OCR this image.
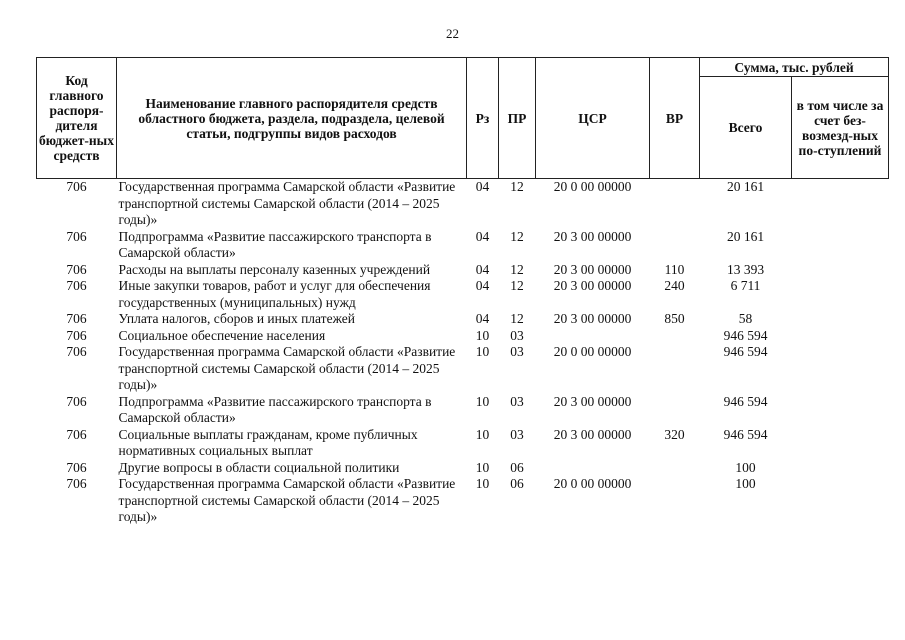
22
Код главного распоря-дителя бюджет-ных средств	Наименование главного распорядителя средств областного бюджета, раздела, подраздела, целевой статьи, подгруппы видов расходов	Рз	ПР	ЦСР	ВР	Сумма, тыс. рублей	
						Всего	в том числе за счет без-возмезд-ных по-ступлений
706	Государственная программа Самарской области «Развитие транспортной системы Самарской области (2014 – 2025 годы)»	04	12	20 0 00 00000		20 161	
706	Подпрограмма «Развитие пассажирского транспорта в Самарской области»	04	12	20 3 00 00000		20 161	
706	Расходы на выплаты персоналу казенных учреждений	04	12	20 3 00 00000	110	13 393	
706	Иные закупки товаров, работ и услуг для обеспечения государственных (муниципальных) нужд	04	12	20 3 00 00000	240	6 711	
706	Уплата налогов, сборов и иных платежей	04	12	20 3 00 00000	850	58	
706	Социальное обеспечение населения	10	03			946 594	
706	Государственная программа Самарской области «Развитие транспортной системы Самарской области (2014 – 2025 годы)»	10	03	20 0 00 00000		946 594	
706	Подпрограмма «Развитие пассажирского транспорта в Самарской области»	10	03	20 3 00 00000		946 594	
706	Социальные выплаты гражданам, кроме публичных нормативных социальных выплат	10	03	20 3 00 00000	320	946 594	
706	Другие вопросы в области социальной политики	10	06			100	
706	Государственная программа Самарской области «Развитие транспортной системы Самарской области (2014 – 2025 годы)»	10	06	20 0 00 00000		100	
